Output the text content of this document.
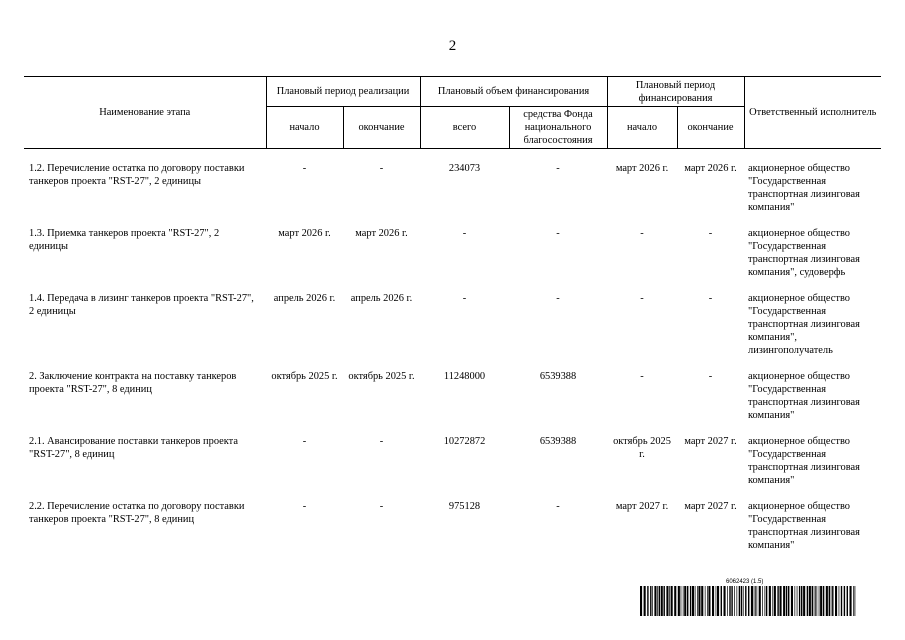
2
Наименование этапа	Плановый период реализации		Плановый объем финансирования		Плановый период финансирования		Ответственный исполнитель
	начало	окончание	всего	средства Фонда национального благосостояния	начало	окончание	

1.2. Перечисление остатка по договору поставки танкеров проекта "RST-27", 2 единицы	-	-	234073	-	март 2026 г.	март 2026 г.	акционерное общество "Государственная транспортная лизинговая компания"
1.3. Приемка танкеров проекта "RST-27", 2 единицы	март 2026 г.	март 2026 г.	-	-	-	-	акционерное общество "Государственная транспортная лизинговая компания", судоверфь
1.4. Передача в лизинг танкеров проекта "RST-27", 2 единицы	апрель 2026 г.	апрель 2026 г.	-	-	-	-	акционерное общество "Государственная транспортная лизинговая компания", лизингополучатель
2. Заключение контракта на поставку танкеров проекта "RST-27", 8 единиц	октябрь 2025 г.	октябрь 2025 г.	11248000	6539388	-	-	акционерное общество "Государственная транспортная лизинговая компания"
2.1. Авансирование поставки танкеров проекта "RST-27", 8 единиц	-	-	10272872	6539388	октябрь 2025 г.	март 2027 г.	акционерное общество "Государственная транспортная лизинговая компания"
2.2. Перечисление остатка по договору поставки танкеров проекта "RST-27", 8 единиц	-	-	975128	-	март 2027 г.	март 2027 г.	акционерное общество "Государственная транспортная лизинговая компания"
6062423 (1.5)
